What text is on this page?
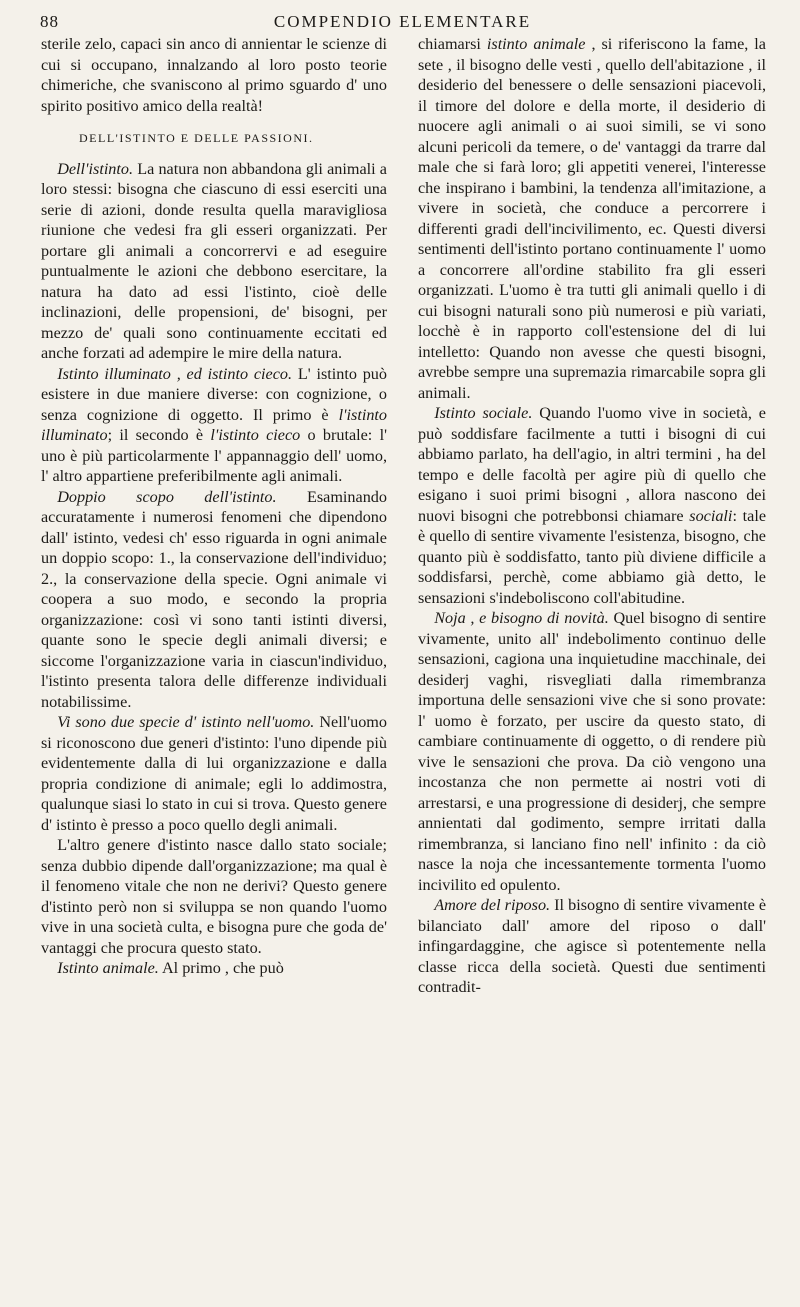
88	COMPENDIO ELEMENTARE

sterile zelo, capaci sin anco di annientar le scienze di cui si occupano, innalzando al loro posto teorie chimeriche, che svaniscono al primo sguardo d' uno spirito positivo amico della realtà!

DELL'ISTINTO E DELLE PASSIONI.

 Dell'istinto. La natura non abbandona gli animali a loro stessi: bisogna che ciascuno di essi eserciti una serie di azioni, donde resulta quella maravigliosa riunione che vedesi fra gli esseri organizzati. Per portare gli animali a concorrervi e ad eseguire puntualmente le azioni che debbono esercitare, la natura ha dato ad essi l'istinto, cioè delle inclinazioni, delle propensioni, de' bisogni, per mezzo de' quali sono continuamente eccitati ed anche forzati ad adempire le mire della natura.

 Istinto illuminato , ed istinto cieco. L' istinto può esistere in due maniere diverse: con cognizione, o senza cognizione di oggetto. Il primo è l'istinto illuminato; il secondo è l'istinto cieco o brutale: l' uno è più particolarmente l' appannaggio dell' uomo, l' altro appartiene preferibilmente agli animali.

 Doppio scopo dell'istinto. Esaminando accuratamente i numerosi fenomeni che dipendono dall' istinto, vedesi ch' esso riguarda in ogni animale un doppio scopo: 1., la conservazione dell'individuo; 2., la conservazione della specie. Ogni animale vi coopera a suo modo, e secondo la propria organizzazione: così vi sono tanti istinti diversi, quante sono le specie degli animali diversi; e siccome l'organizzazione varia in ciascun'individuo, l'istinto presenta talora delle differenze individuali notabilissime.

 Vi sono due specie d' istinto nell'uomo. Nell'uomo si riconoscono due generi d'istinto: l'uno dipende più evidentemente dalla di lui organizzazione e dalla propria condizione di animale; egli lo addimostra, qualunque siasi lo stato in cui si trova. Questo genere d' istinto è presso a poco quello degli animali.

 L'altro genere d'istinto nasce dallo stato sociale; senza dubbio dipende dall'organizzazione; ma qual è il fenomeno vitale che non ne derivi? Questo genere d'istinto però non si sviluppa se non quando l'uomo vive in una società culta, e bisogna pure che goda de' vantaggi che procura questo stato.

 Istinto animale. Al primo , che può

chiamarsi istinto animale , si riferiscono la fame, la sete , il bisogno delle vesti , quello dell'abitazione , il desiderio del benessere o delle sensazioni piacevoli, il timore del dolore e della morte, il desiderio di nuocere agli animali o ai suoi simili, se vi sono alcuni pericoli da temere, o de' vantaggi da trarre dal male che si farà loro; gli appetiti venerei, l'interesse che inspirano i bambini, la tendenza all'imitazione, a vivere in società, che conduce a percorrere i differenti gradi dell'incivilimento, ec. Questi diversi sentimenti dell'istinto portano continuamente l' uomo a concorrere all'ordine stabilito fra gli esseri organizzati. L'uomo è tra tutti gli animali quello i di cui bisogni naturali sono più numerosi e più variati, locchè è in rapporto coll'estensione del di lui intelletto: Quando non avesse che questi bisogni, avrebbe sempre una supremazia rimarcabile sopra gli animali.

 Istinto sociale. Quando l'uomo vive in società, e può soddisfare facilmente a tutti i bisogni di cui abbiamo parlato, ha dell'agio, in altri termini , ha del tempo e delle facoltà per agire più di quello che esigano i suoi primi bisogni , allora nascono dei nuovi bisogni che potrebbonsi chiamare sociali: tale è quello di sentire vivamente l'esistenza, bisogno, che quanto più è soddisfatto, tanto più diviene difficile a soddisfarsi, perchè, come abbiamo già detto, le sensazioni s'indeboliscono coll'abitudine.

 Noja , e bisogno di novità. Quel bisogno di sentire vivamente, unito all' indebolimento continuo delle sensazioni, cagiona una inquietudine macchinale, dei desiderj vaghi, risvegliati dalla rimembranza importuna delle sensazioni vive che si sono provate: l' uomo è forzato, per uscire da questo stato, di cambiare continuamente di oggetto, o di rendere più vive le sensazioni che prova. Da ciò vengono una incostanza che non permette ai nostri voti di arrestarsi, e una progressione di desiderj, che sempre annientati dal godimento, sempre irritati dalla rimembranza, si lanciano fino nell' infinito : da ciò nasce la noja che incessantemente tormenta l'uomo incivilito ed opulento.

 Amore del riposo. Il bisogno di sentire vivamente è bilanciato dall' amore del riposo o dall' infingardaggine, che agisce sì potentemente nella classe ricca della società. Questi due sentimenti contradit-
